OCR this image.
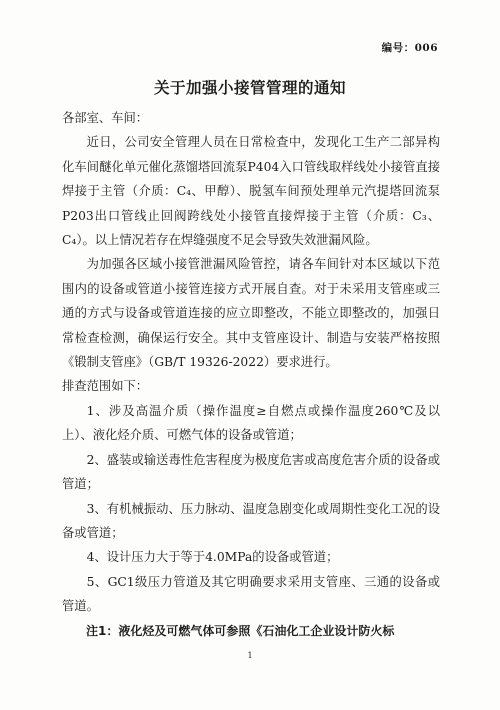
编号：006
关于加强小接管管理的通知

各部室、车间：

近日，公司安全管理人员在日常检查中，发现化工生产二部异构化车间醚化单元催化蒸馏塔回流泵P404入口管线取样线处小接管直接焊接于主管（介质：C₄、甲醇）、脱氢车间预处理单元汽提塔回流泵P203出口管线止回阀跨线处小接管直接焊接于主管（介质：C₃、C₄）。以上情况若存在焊缝强度不足会导致失效泄漏风险。

为加强各区域小接管泄漏风险管控，请各车间针对本区域以下范围内的设备或管道小接管连接方式开展自查。对于未采用支管座或三通的方式与设备或管道连接的应立即整改，不能立即整改的，加强日常检查检测，确保运行安全。其中支管座设计、制造与安装严格按照《锻制支管座》（GB/T 19326-2022）要求进行。

排查范围如下：

1、涉及高温介质（操作温度≥自燃点或操作温度260℃及以上）、液化烃介质、可燃气体的设备或管道；

2、盛装或输送毒性危害程度为极度危害或高度危害介质的设备或管道；

3、有机械振动、压力脉动、温度急剧变化或周期性变化工况的设备或管道；

4、设计压力大于等于4.0MPa的设备或管道；

5、GC1级压力管道及其它明确要求采用支管座、三通的设备或管道。

注1：液化烃及可燃气体可参照《石油化工企业设计防火标

1
